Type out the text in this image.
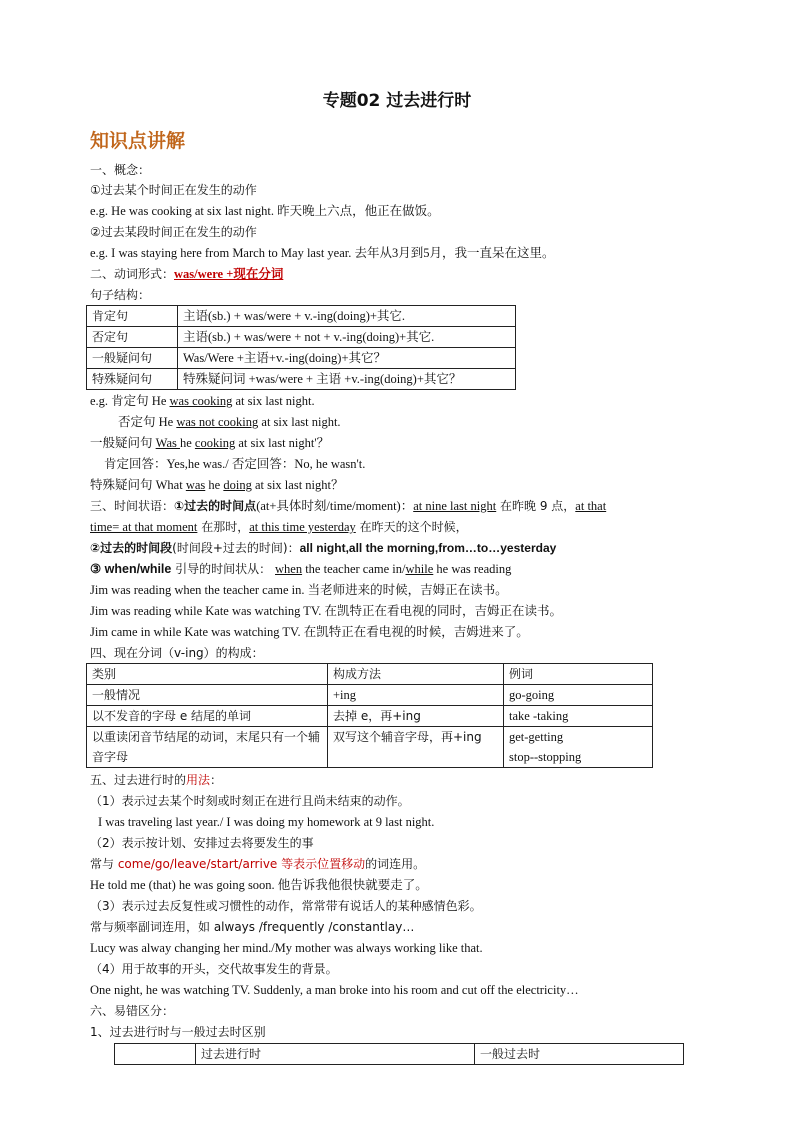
专题02 过去进行时
知识点讲解
一、概念：
①过去某个时间正在发生的动作
e.g. He was cooking at six last night. 昨天晚上六点，他正在做饭。
②过去某段时间正在发生的动作
e.g. I was staying here from March to May last year. 去年从3月到5月，我一直呆在这里。
二、动词形式：was/were +现在分词
句子结构：
肯定句	主语(sb.) + was/were + v.-ing(doing)+其它.
否定句	主语(sb.) + was/were + not + v.-ing(doing)+其它.
一般疑问句	Was/Were +主语+v.-ing(doing)+其它？
特殊疑问句	特殊疑问词 +was/were + 主语 +v.-ing(doing)+其它？
e.g. 肯定句 He was cooking at six last night.
否定句 He was not cooking at six last night.
一般疑问句 Was he cooking at six last night'？
肯定回答：Yes,he was./ 否定回答：No, he wasn't.
特殊疑问句 What was he doing at six last night？
三、时间状语：①过去的时间点(at+具体时刻/time/moment)：at nine last night 在昨晚 9 点，at that
time= at that moment 在那时，at this time yesterday 在昨天的这个时候，
②过去的时间段(时间段+过去的时间)：all night,all the morning,from…to…yesterday
③ when/while 引导的时间状从： when the teacher came in/while he was reading
Jim was reading when the teacher came in. 当老师进来的时候，吉姆正在读书。
Jim was reading while Kate was watching TV. 在凯特正在看电视的同时，吉姆正在读书。
Jim came in while Kate was watching TV. 在凯特正在看电视的时候，吉姆进来了。
四、现在分词（v-ing）的构成：
类别	构成方法	例词
一般情况	+ing	go-going
以不发音的字母 e 结尾的单词	去掉 e，再+ing	take -taking
以重读闭音节结尾的动词，末尾只有一个辅音字母	双写这个辅音字母，再+ing	get-getting
stop--stopping
五、过去进行时的用法：
（1）表示过去某个时刻或时刻正在进行且尚未结束的动作。
I was traveling last year./ I was doing my homework at 9 last night.
（2）表示按计划、安排过去将要发生的事
常与 come/go/leave/start/arrive 等表示位置移动的词连用。
He told me (that) he was going soon. 他告诉我他很快就要走了。
（3）表示过去反复性或习惯性的动作，常常带有说话人的某种感情色彩。
常与频率副词连用，如 always /frequently /constantlay…
Lucy was alway changing her mind./My mother was always working like that.
（4）用于故事的开头，交代故事发生的背景。
One night, he was watching TV. Suddenly, a man broke into his room and cut off the electricity…
六、易错区分：
1、过去进行时与一般过去时区别
	过去进行时	一般过去时
